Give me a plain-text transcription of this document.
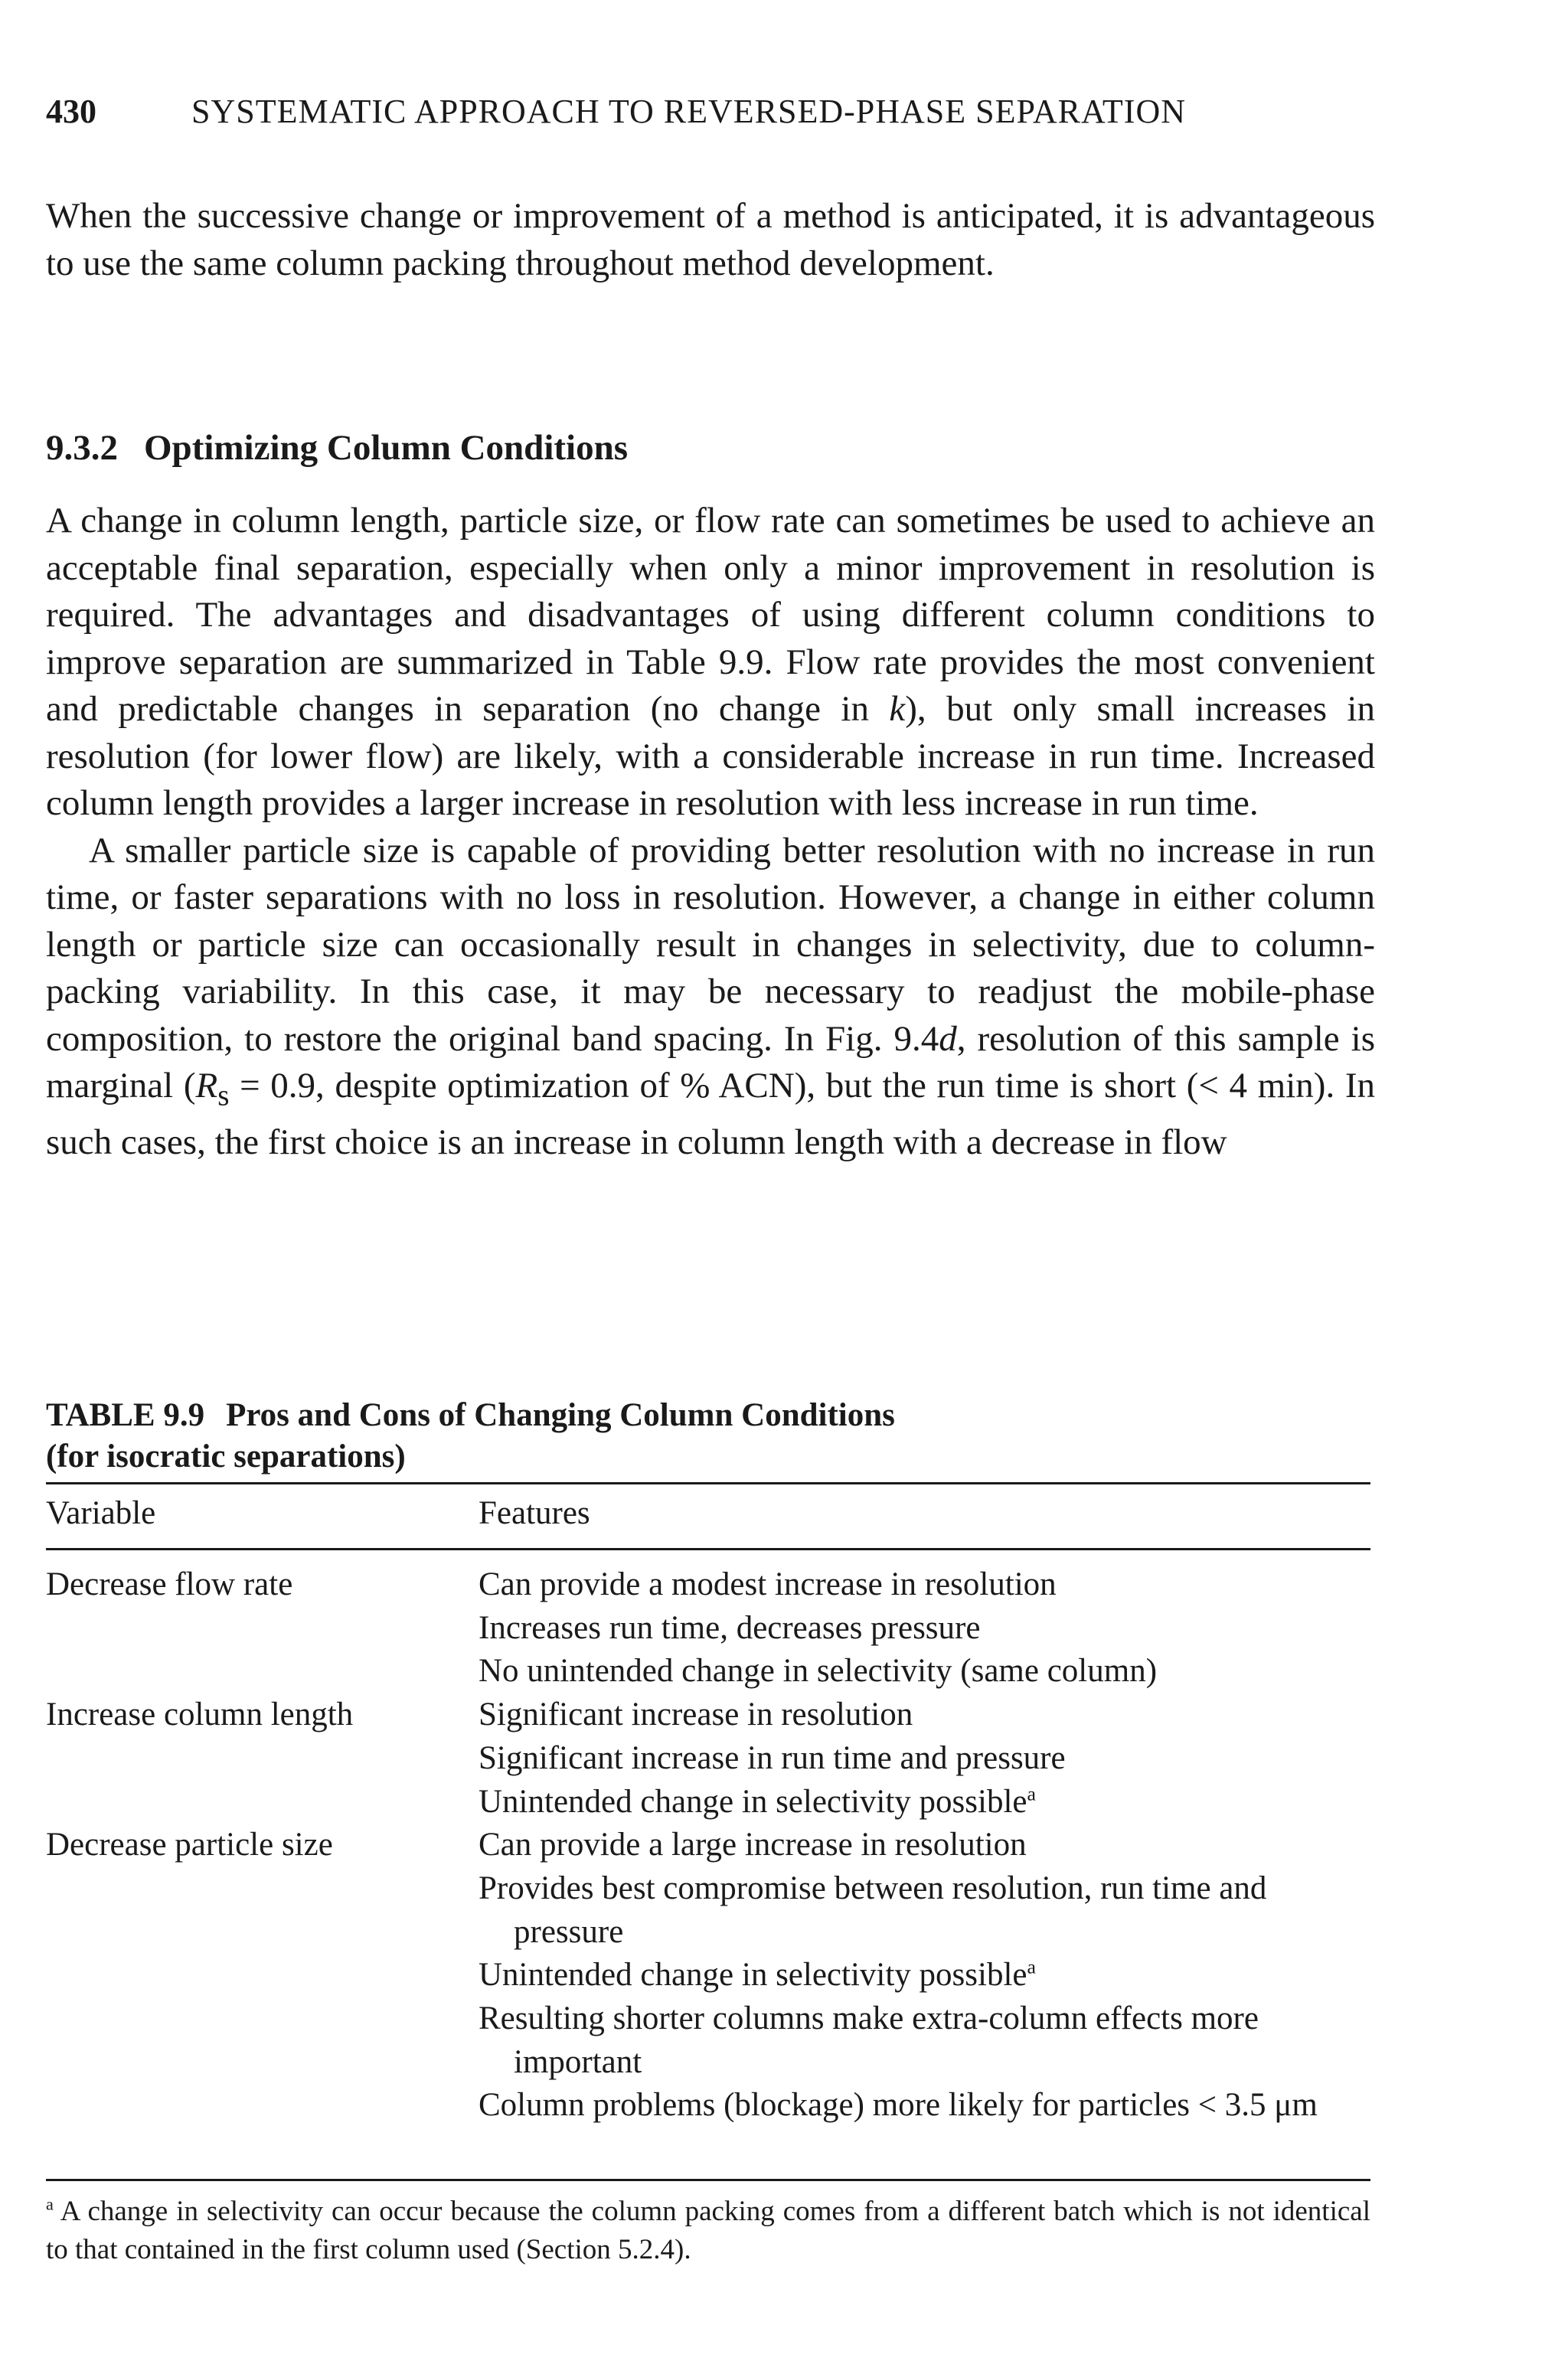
430	SYSTEMATIC APPROACH TO REVERSED-PHASE SEPARATION

When the successive change or improvement of a method is anticipated, it is advantageous to use the same column packing throughout method development.

9.3.2 Optimizing Column Conditions

A change in column length, particle size, or flow rate can sometimes be used to achieve an acceptable final separation, especially when only a minor improvement in resolution is required. The advantages and disadvantages of using different column conditions to improve separation are summarized in Table 9.9. Flow rate provides the most convenient and predictable changes in separation (no change in k), but only small increases in resolution (for lower flow) are likely, with a considerable increase in run time. Increased column length provides a larger increase in resolution with less increase in run time.

A smaller particle size is capable of providing better resolution with no increase in run time, or faster separations with no loss in resolution. However, a change in either column length or particle size can occasionally result in changes in selectivity, due to column-packing variability. In this case, it may be necessary to readjust the mobile-phase composition, to restore the original band spacing. In Fig. 9.4d, resolution of this sample is marginal ($R_s = 0.9$, despite optimization of % ACN), but the run time is short (< 4 min). In such cases, the first choice is an increase in column length with a decrease in flow

TABLE 9.9 Pros and Cons of Changing Column Conditions
(for isocratic separations)
Variable	Features
Decrease flow rate	Can provide a modest increase in resolution
Increases run time, decreases pressure
No unintended change in selectivity (same column)
Increase column length	Significant increase in resolution
Significant increase in run time and pressure
Unintended change in selectivity possible$^a$
Decrease particle size	Can provide a large increase in resolution
Provides best compromise between resolution, run time and pressure
Unintended change in selectivity possible$^a$
Resulting shorter columns make extra-column effects more important
Column problems (blockage) more likely for particles < 3.5 μm
$^a$ A change in selectivity can occur because the column packing comes from a different batch which is not identical to that contained in the first column used (Section 5.2.4).
